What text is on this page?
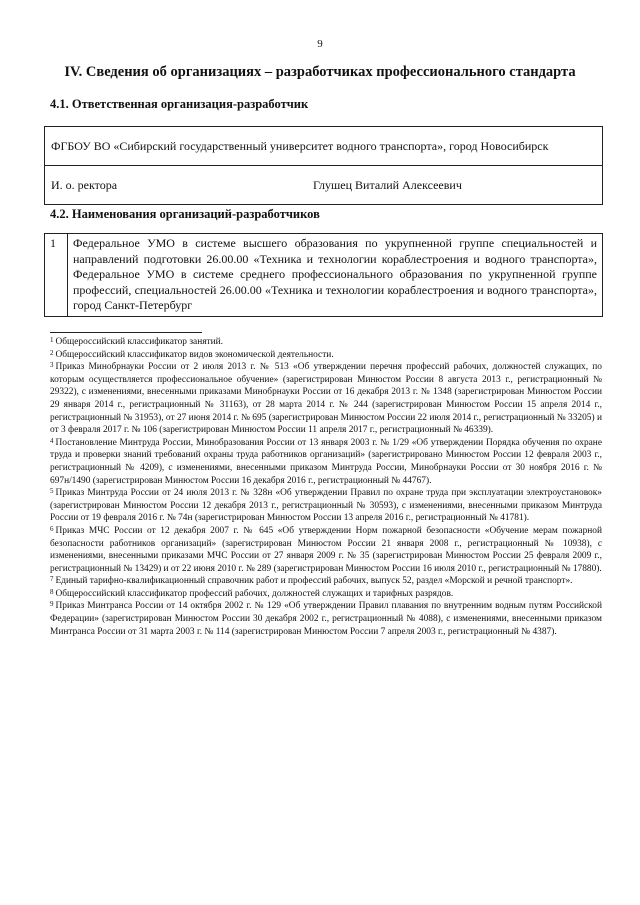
9
IV. Сведения об организациях – разработчиках профессионального стандарта
4.1. Ответственная организация-разработчик
ФГБОУ ВО «Сибирский государственный университет водного транспорта», город Новосибирск
И. о. ректора	Глушец Виталий Алексеевич
4.2. Наименования организаций-разработчиков
1	Федеральное УМО в системе высшего образования по укрупненной группе специальностей и направлений подготовки 26.00.00 «Техника и технологии кораблестроения и водного транспорта», Федеральное УМО в системе среднего профессионального образования по укрупненной группе профессий, специальностей 26.00.00 «Техника и технологии кораблестроения и водного транспорта», город Санкт-Петербург

$^1$ Общероссийский классификатор занятий.

$^2$ Общероссийский классификатор видов экономической деятельности.

$^3$ Приказ Минобрнауки России от 2 июля 2013 г. № 513 «Об утверждении перечня профессий рабочих, должностей служащих, по которым осуществляется профессиональное обучение» (зарегистрирован Минюстом России 8 августа 2013 г., регистрационный № 29322), с изменениями, внесенными приказами Минобрнауки России от 16 декабря 2013 г. № 1348 (зарегистрирован Минюстом России 29 января 2014 г., регистрационный № 31163), от 28 марта 2014 г. № 244 (зарегистрирован Минюстом России 15 апреля 2014 г., регистрационный № 31953), от 27 июня 2014 г. № 695 (зарегистрирован Минюстом России 22 июля 2014 г., регистрационный № 33205) и от 3 февраля 2017 г. № 106 (зарегистрирован Минюстом России 11 апреля 2017 г., регистрационный № 46339).

$^4$ Постановление Минтруда России, Минобразования России от 13 января 2003 г. № 1/29 «Об утверждении Порядка обучения по охране труда и проверки знаний требований охраны труда работников организаций» (зарегистрировано Минюстом России 12 февраля 2003 г., регистрационный № 4209), с изменениями, внесенными приказом Минтруда России, Минобрнауки России от 30 ноября 2016 г. № 697н/1490 (зарегистрирован Минюстом России 16 декабря 2016 г., регистрационный № 44767).

$^5$ Приказ Минтруда России от 24 июля 2013 г. № 328н «Об утверждении Правил по охране труда при эксплуатации электроустановок» (зарегистрирован Минюстом России 12 декабря 2013 г., регистрационный № 30593), с изменениями, внесенными приказом Минтруда России от 19 февраля 2016 г. № 74н (зарегистрирован Минюстом России 13 апреля 2016 г., регистрационный № 41781).

$^6$ Приказ МЧС России от 12 декабря 2007 г. № 645 «Об утверждении Норм пожарной безопасности «Обучение мерам пожарной безопасности работников организаций» (зарегистрирован Минюстом России 21 января 2008 г., регистрационный № 10938), с изменениями, внесенными приказами МЧС России от 27 января 2009 г. № 35 (зарегистрирован Минюстом России 25 февраля 2009 г., регистрационный № 13429) и от 22 июня 2010 г. № 289 (зарегистрирован Минюстом России 16 июля 2010 г., регистрационный № 17880).

$^7$ Единый тарифно-квалификационный справочник работ и профессий рабочих, выпуск 52, раздел «Морской и речной транспорт».

$^8$ Общероссийский классификатор профессий рабочих, должностей служащих и тарифных разрядов.

$^9$ Приказ Минтранса России от 14 октября 2002 г. № 129 «Об утверждении Правил плавания по внутренним водным путям Российской Федерации» (зарегистрирован Минюстом России 30 декабря 2002 г., регистрационный № 4088), с изменениями, внесенными приказом Минтранса России от 31 марта 2003 г. № 114 (зарегистрирован Минюстом России 7 апреля 2003 г., регистрационный № 4387).
